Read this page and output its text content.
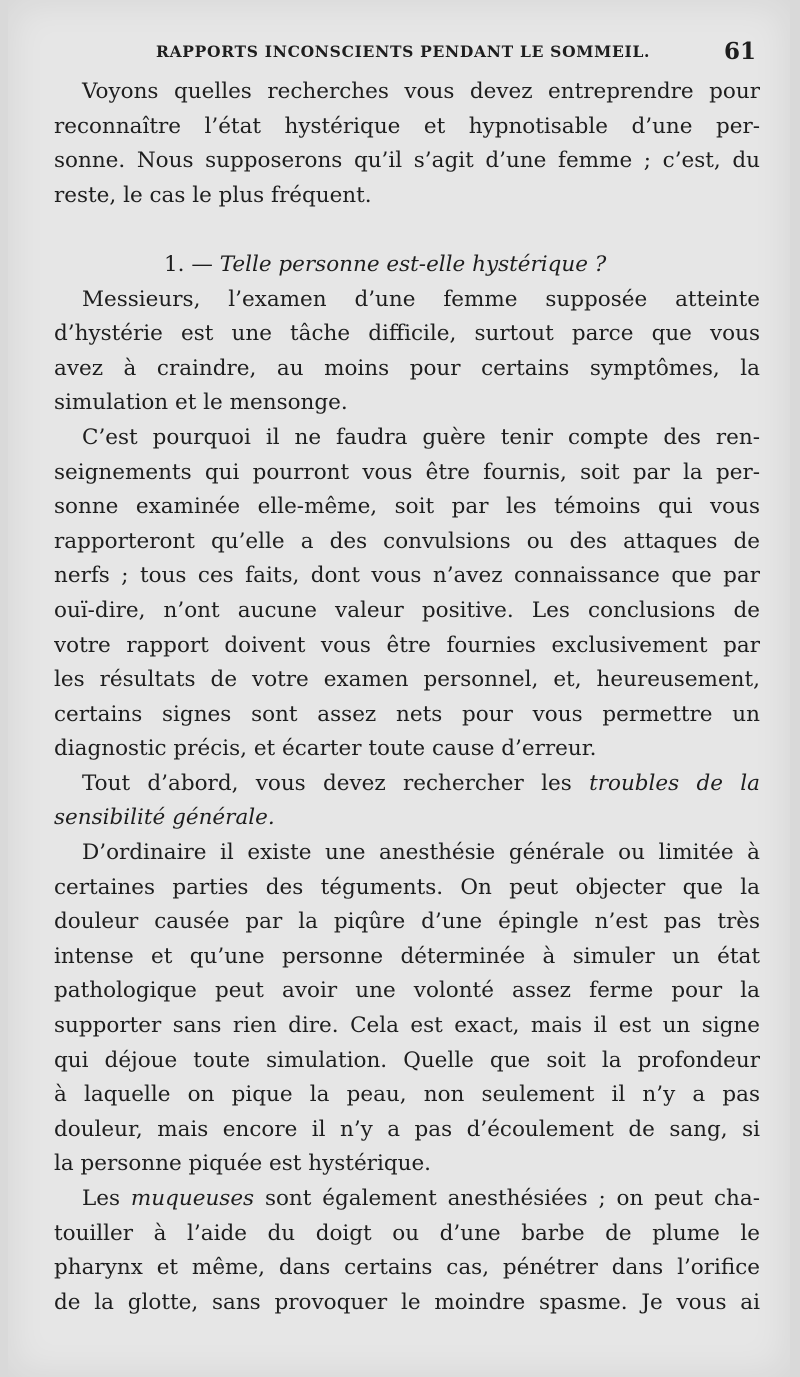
RAPPORTS INCONSCIENTS PENDANT LE SOMMEIL.	61
Voyons quelles recherches vous devez entreprendre pour
reconnaître l’état hystérique et hypnotisable d’une per-
sonne. Nous supposerons qu’il s’agit d’une femme ; c’est, du
reste, le cas le plus fréquent.
1. — Telle personne est-elle hystérique ?
Messieurs, l’examen d’une femme supposée atteinte
d’hystérie est une tâche difficile, surtout parce que vous
avez à craindre, au moins pour certains symptômes, la
simulation et le mensonge.
C’est pourquoi il ne faudra guère tenir compte des ren-
seignements qui pourront vous être fournis, soit par la per-
sonne examinée elle-même, soit par les témoins qui vous
rapporteront qu’elle a des convulsions ou des attaques de
nerfs ; tous ces faits, dont vous n’avez connaissance que par
ouï-dire, n’ont aucune valeur positive. Les conclusions de
votre rapport doivent vous être fournies exclusivement par
les résultats de votre examen personnel, et, heureusement,
certains signes sont assez nets pour vous permettre un
diagnostic précis, et écarter toute cause d’erreur.
Tout d’abord, vous devez rechercher les troubles de la
sensibilité générale.
D’ordinaire il existe une anesthésie générale ou limitée à
certaines parties des téguments. On peut objecter que la
douleur causée par la piqûre d’une épingle n’est pas très
intense et qu’une personne déterminée à simuler un état
pathologique peut avoir une volonté assez ferme pour la
supporter sans rien dire. Cela est exact, mais il est un signe
qui déjoue toute simulation. Quelle que soit la profondeur
à laquelle on pique la peau, non seulement il n’y a pas
douleur, mais encore il n’y a pas d’écoulement de sang, si
la personne piquée est hystérique.
Les muqueuses sont également anesthésiées ; on peut cha-
touiller à l’aide du doigt ou d’une barbe de plume le
pharynx et même, dans certains cas, pénétrer dans l’orifice
de la glotte, sans provoquer le moindre spasme. Je vous ai
